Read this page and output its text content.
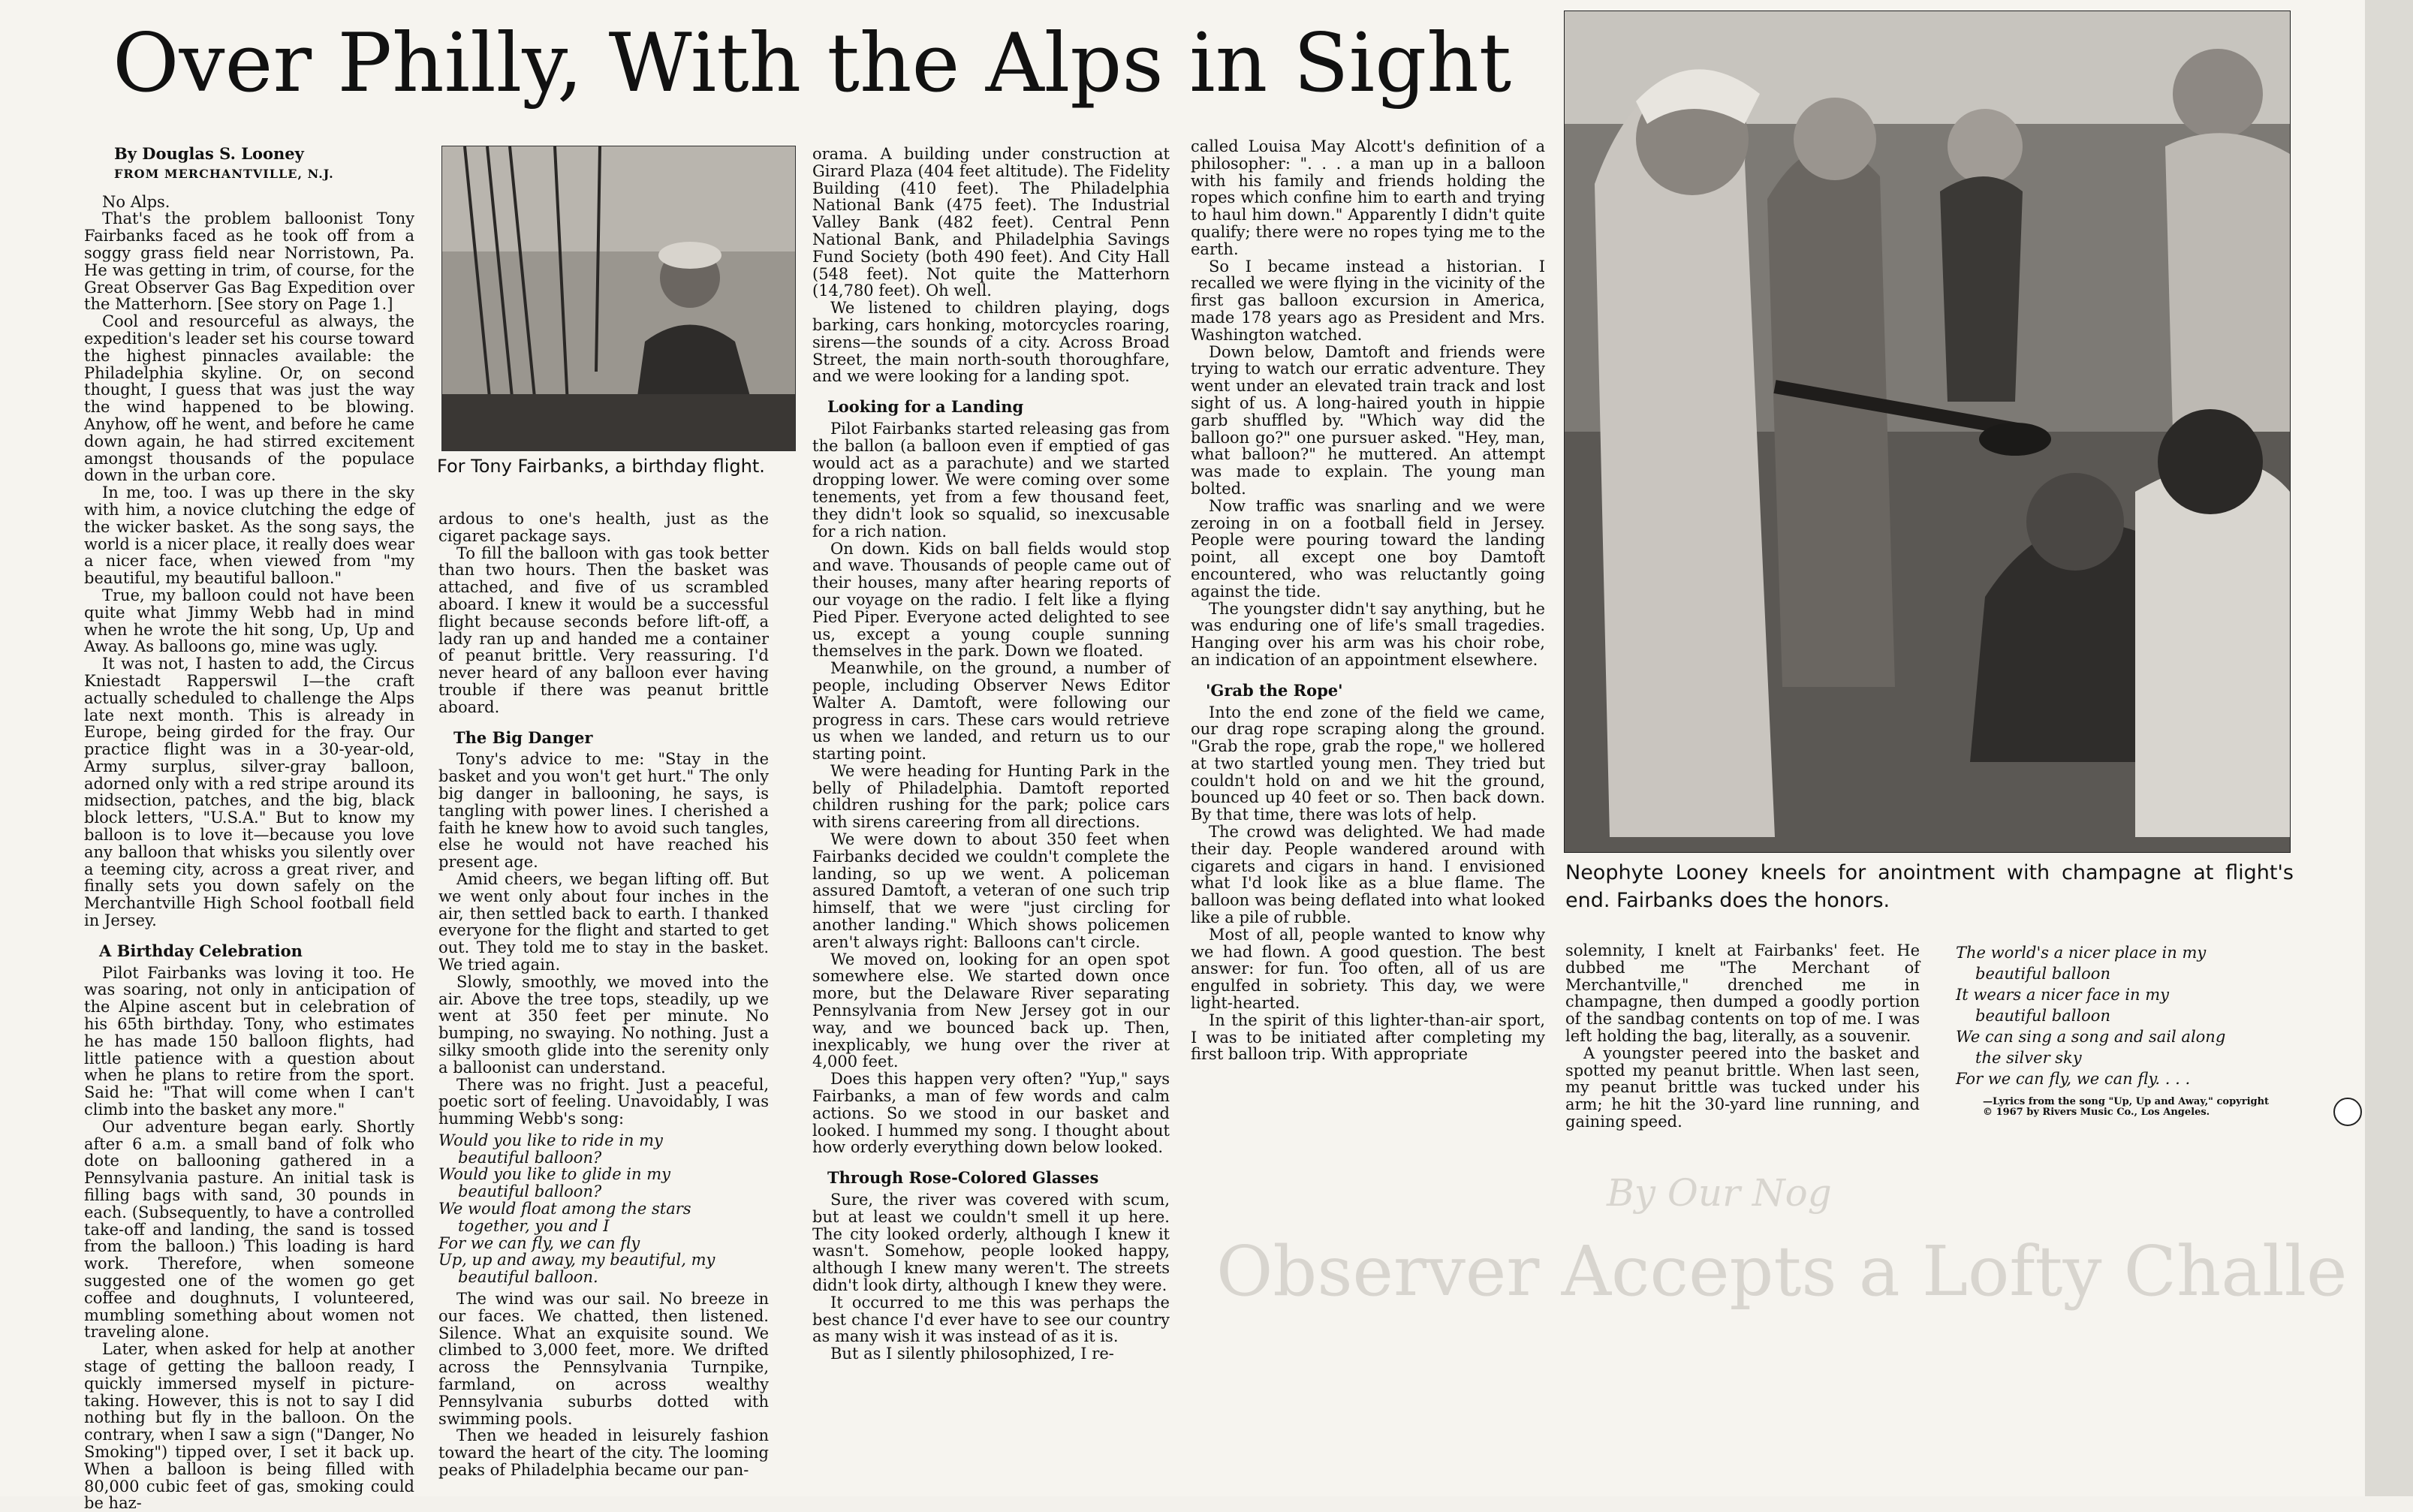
Over Philly, With the Alps in Sight
By Douglas S. Looney
FROM MERCHANTVILLE, N.J.

No Alps.

That's the problem balloonist Tony Fairbanks faced as he took off from a soggy grass field near Norristown, Pa. He was getting in trim, of course, for the Great Observer Gas Bag Expedition over the Matterhorn. [See story on Page 1.]

Cool and resourceful as always, the expedition's leader set his course toward the highest pinnacles available: the Philadelphia skyline. Or, on second thought, I guess that was just the way the wind happened to be blowing. Anyhow, off he went, and before he came down again, he had stirred excitement amongst thousands of the populace down in the urban core.

In me, too. I was up there in the sky with him, a novice clutching the edge of the wicker basket. As the song says, the world is a nicer place, it really does wear a nicer face, when viewed from "my beautiful, my beautiful balloon."

True, my balloon could not have been quite what Jimmy Webb had in mind when he wrote the hit song, Up, Up and Away. As balloons go, mine was ugly.

It was not, I hasten to add, the Circus Kniestadt Rapperswil I—the craft actually scheduled to challenge the Alps late next month. This is already in Europe, being girded for the fray. Our practice flight was in a 30-year-old, Army surplus, silver-gray balloon, adorned only with a red stripe around its midsection, patches, and the big, black block letters, "U.S.A." But to know my balloon is to love it—because you love any balloon that whisks you silently over a teeming city, across a great river, and finally sets you down safely on the Merchantville High School football field in Jersey.

A Birthday Celebration

Pilot Fairbanks was loving it too. He was soaring, not only in anticipation of the Alpine ascent but in celebration of his 65th birthday. Tony, who estimates he has made 150 balloon flights, had little patience with a question about when he plans to retire from the sport. Said he: "That will come when I can't climb into the basket any more."

Our adventure began early. Shortly after 6 a.m. a small band of folk who dote on ballooning gathered in a Pennsylvania pasture. An initial task is filling bags with sand, 30 pounds in each. (Subsequently, to have a controlled take-off and landing, the sand is tossed from the balloon.) This loading is hard work. Therefore, when someone suggested one of the women go get coffee and doughnuts, I volunteered, mumbling something about women not traveling alone.

Later, when asked for help at another stage of getting the balloon ready, I quickly immersed myself in picture-taking. However, this is not to say I did nothing but fly in the balloon. On the contrary, when I saw a sign ("Danger, No Smoking") tipped over, I set it back up. When a balloon is being filled with 80,000 cubic feet of gas, smoking could be haz-

For Tony Fairbanks, a birthday flight.

ardous to one's health, just as the cigaret package says.

To fill the balloon with gas took better than two hours. Then the basket was attached, and five of us scrambled aboard. I knew it would be a successful flight because seconds before lift-off, a lady ran up and handed me a container of peanut brittle. Very reassuring. I'd never heard of any balloon ever having trouble if there was peanut brittle aboard.

The Big Danger

Tony's advice to me: "Stay in the basket and you won't get hurt." The only big danger in ballooning, he says, is tangling with power lines. I cherished a faith he knew how to avoid such tangles, else he would not have reached his present age.

Amid cheers, we began lifting off. But we went only about four inches in the air, then settled back to earth. I thanked everyone for the flight and started to get out. They told me to stay in the basket. We tried again.

Slowly, smoothly, we moved into the air. Above the tree tops, steadily, up we went at 350 feet per minute. No bumping, no swaying. No nothing. Just a silky smooth glide into the serenity only a balloonist can understand.

There was no fright. Just a peaceful, poetic sort of feeling. Unavoidably, I was humming Webb's song:

Would you like to ride in my
beautiful balloon?
Would you like to glide in my
beautiful balloon?
We would float among the stars
together, you and I
For we can fly, we can fly
Up, up and away, my beautiful, my
beautiful balloon.

The wind was our sail. No breeze in our faces. We chatted, then listened. Silence. What an exquisite sound. We climbed to 3,000 feet, more. We drifted across the Pennsylvania Turnpike, farmland, on across wealthy Pennsylvania suburbs dotted with swimming pools.

Then we headed in leisurely fashion toward the heart of the city. The looming peaks of Philadelphia became our pan-

orama. A building under construction at Girard Plaza (404 feet altitude). The Fidelity Building (410 feet). The Philadelphia National Bank (475 feet). The Industrial Valley Bank (482 feet). Central Penn National Bank, and Philadelphia Savings Fund Society (both 490 feet). And City Hall (548 feet). Not quite the Matterhorn (14,780 feet). Oh well.

We listened to children playing, dogs barking, cars honking, motorcycles roaring, sirens—the sounds of a city. Across Broad Street, the main north-south thoroughfare, and we were looking for a landing spot.

Looking for a Landing

Pilot Fairbanks started releasing gas from the ballon (a balloon even if emptied of gas would act as a parachute) and we started dropping lower. We were coming over some tenements, yet from a few thousand feet, they didn't look so squalid, so inexcusable for a rich nation.

On down. Kids on ball fields would stop and wave. Thousands of people came out of their houses, many after hearing reports of our voyage on the radio. I felt like a flying Pied Piper. Everyone acted delighted to see us, except a young couple sunning themselves in the park. Down we floated.

Meanwhile, on the ground, a number of people, including Observer News Editor Walter A. Damtoft, were following our progress in cars. These cars would retrieve us when we landed, and return us to our starting point.

We were heading for Hunting Park in the belly of Philadelphia. Damtoft reported children rushing for the park; police cars with sirens careering from all directions.

We were down to about 350 feet when Fairbanks decided we couldn't complete the landing, so up we went. A policeman assured Damtoft, a veteran of one such trip himself, that we were "just circling for another landing." Which shows policemen aren't always right: Balloons can't circle.

We moved on, looking for an open spot somewhere else. We started down once more, but the Delaware River separating Pennsylvania from New Jersey got in our way, and we bounced back up. Then, inexplicably, we hung over the river at 4,000 feet.

Does this happen very often? "Yup," says Fairbanks, a man of few words and calm actions. So we stood in our basket and looked. I hummed my song. I thought about how orderly everything down below looked.

Through Rose-Colored Glasses

Sure, the river was covered with scum, but at least we couldn't smell it up here. The city looked orderly, although I knew it wasn't. Somehow, people looked happy, although I knew many weren't. The streets didn't look dirty, although I knew they were.

It occurred to me this was perhaps the best chance I'd ever have to see our country as many wish it was instead of as it is.

But as I silently philosophized, I re-

called Louisa May Alcott's definition of a philosopher: ". . . a man up in a balloon with his family and friends holding the ropes which confine him to earth and trying to haul him down." Apparently I didn't quite qualify; there were no ropes tying me to the earth.

So I became instead a historian. I recalled we were flying in the vicinity of the first gas balloon excursion in America, made 178 years ago as President and Mrs. Washington watched.

Down below, Damtoft and friends were trying to watch our erratic adventure. They went under an elevated train track and lost sight of us. A long-haired youth in hippie garb shuffled by. "Which way did the balloon go?" one pursuer asked. "Hey, man, what balloon?" he muttered. An attempt was made to explain. The young man bolted.

Now traffic was snarling and we were zeroing in on a football field in Jersey. People were pouring toward the landing point, all except one boy Damtoft encountered, who was reluctantly going against the tide.

The youngster didn't say anything, but he was enduring one of life's small tragedies. Hanging over his arm was his choir robe, an indication of an appointment elsewhere.

'Grab the Rope'

Into the end zone of the field we came, our drag rope scraping along the ground. "Grab the rope, grab the rope," we hollered at two startled young men. They tried but couldn't hold on and we hit the ground, bounced up 40 feet or so. Then back down. By that time, there was lots of help.

The crowd was delighted. We had made their day. People wandered around with cigarets and cigars in hand. I envisioned what I'd look like as a blue flame. The balloon was being deflated into what looked like a pile of rubble.

Most of all, people wanted to know why we had flown. A good question. The best answer: for fun. Too often, all of us are engulfed in sobriety. This day, we were light-hearted.

In the spirit of this lighter-than-air sport, I was to be initiated after completing my first balloon trip. With appropriate

Neophyte Looney kneels for anointment with champagne at flight's end. Fairbanks does the honors.

solemnity, I knelt at Fairbanks' feet. He dubbed me "The Merchant of Merchantville," drenched me in champagne, then dumped a goodly portion of the sandbag contents on top of me. I was left holding the bag, literally, as a souvenir.

A youngster peered into the basket and spotted my peanut brittle. When last seen, my peanut brittle was tucked under his arm; he hit the 30-yard line running, and gaining speed.

The world's a nicer place in my
beautiful balloon
It wears a nicer face in my
beautiful balloon
We can sing a song and sail along
the silver sky
For we can fly, we can fly. . . .
—Lyrics from the song "Up, Up and Away," copyright © 1967 by Rivers Music Co., Los Angeles.
By Our Nog
Observer Accepts a Lofty Challe
